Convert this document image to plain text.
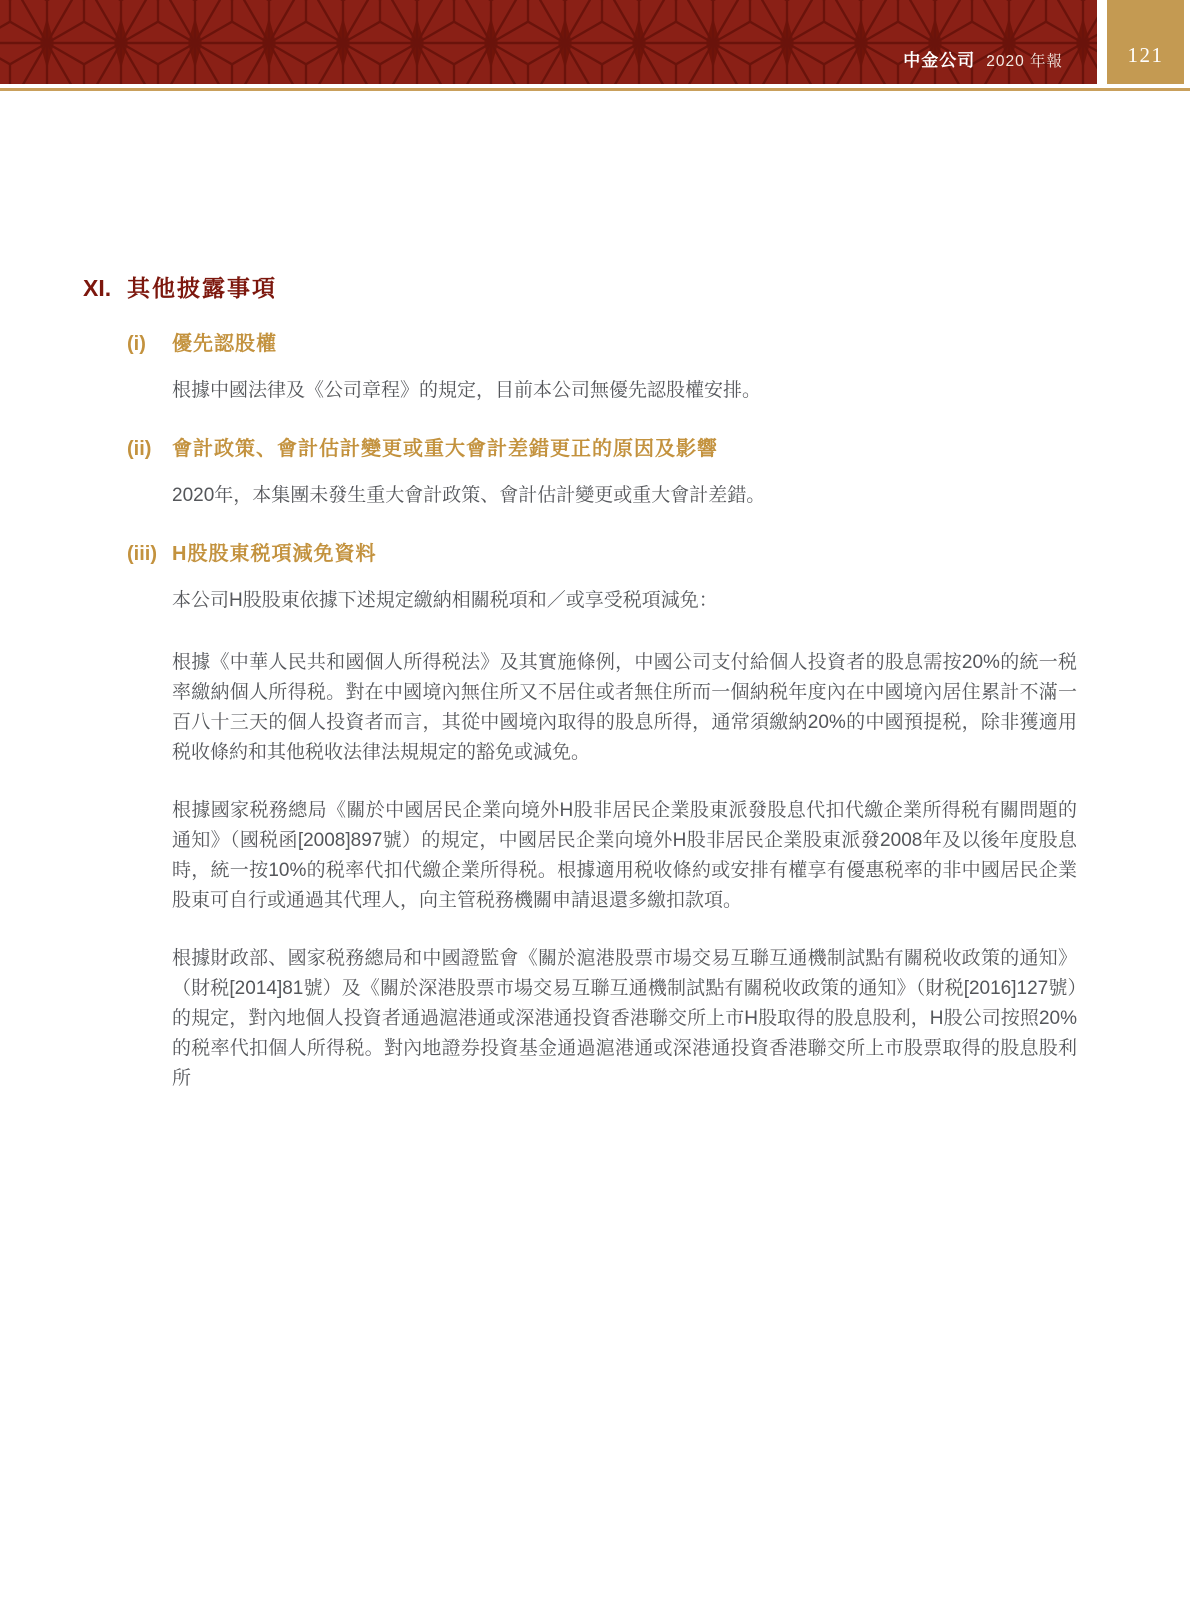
中金公司 2020 年報	121
XI. 其他披露事項
(i)	優先認股權

根據中國法律及《公司章程》的規定，目前本公司無優先認股權安排。

(ii)	會計政策、會計估計變更或重大會計差錯更正的原因及影響

2020年，本集團未發生重大會計政策、會計估計變更或重大會計差錯。

(iii) H股股東税項減免資料

本公司H股股東依據下述規定繳納相關税項和／或享受税項減免：

根據《中華人民共和國個人所得税法》及其實施條例，中國公司支付給個人投資者的股息需按20%的統一税率繳納個人所得税。對在中國境內無住所又不居住或者無住所而一個納税年度內在中國境內居住累計不滿一百八十三天的個人投資者而言，其從中國境內取得的股息所得，通常須繳納20%的中國預提税，除非獲適用税收條約和其他税收法律法規規定的豁免或減免。

根據國家税務總局《關於中國居民企業向境外H股非居民企業股東派發股息代扣代繳企業所得税有關問題的通知》（國税函[2008]897號）的規定，中國居民企業向境外H股非居民企業股東派發2008年及以後年度股息時，統一按10%的税率代扣代繳企業所得税。根據適用税收條約或安排有權享有優惠税率的非中國居民企業股東可自行或通過其代理人，向主管税務機關申請退還多繳扣款項。

根據財政部、國家税務總局和中國證監會《關於滬港股票市場交易互聯互通機制試點有關税收政策的通知》（財税[2014]81號）及《關於深港股票市場交易互聯互通機制試點有關税收政策的通知》（財税[2016]127號）的規定，對內地個人投資者通過滬港通或深港通投資香港聯交所上市H股取得的股息股利，H股公司按照20%的税率代扣個人所得税。對內地證券投資基金通過滬港通或深港通投資香港聯交所上市股票取得的股息股利所
